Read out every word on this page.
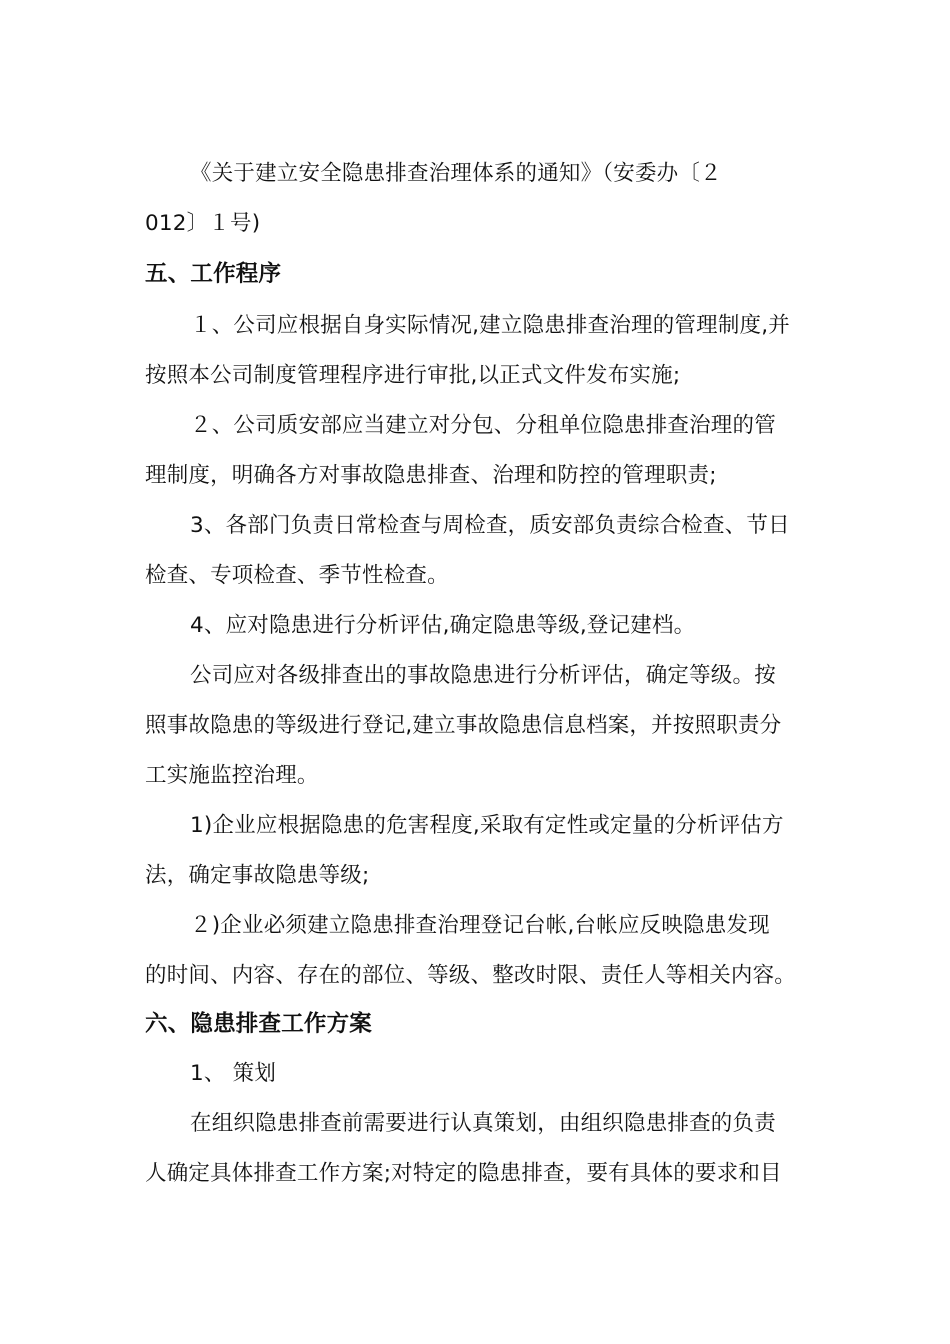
《关于建立安全隐患排查治理体系的通知》（安委办〔２
012〕１号)
五、工作程序
１、公司应根据自身实际情况,建立隐患排查治理的管理制度,并
按照本公司制度管理程序进行审批,以正式文件发布实施;
２、公司质安部应当建立对分包、分租单位隐患排查治理的管
理制度，明确各方对事故隐患排查、治理和防控的管理职责;
3、各部门负责日常检查与周检查，质安部负责综合检查、节日
检查、专项检查、季节性检查。
4、应对隐患进行分析评估,确定隐患等级,登记建档。
公司应对各级排查出的事故隐患进行分析评估，确定等级。按
照事故隐患的等级进行登记,建立事故隐患信息档案，并按照职责分
工实施监控治理。
1)企业应根据隐患的危害程度,采取有定性或定量的分析评估方
法，确定事故隐患等级;
２)企业必须建立隐患排查治理登记台帐,台帐应反映隐患发现
的时间、内容、存在的部位、等级、整改时限、责任人等相关内容。
六、隐患排查工作方案
1、 策划
在组织隐患排查前需要进行认真策划，由组织隐患排查的负责
人确定具体排查工作方案;对特定的隐患排查，要有具体的要求和目
